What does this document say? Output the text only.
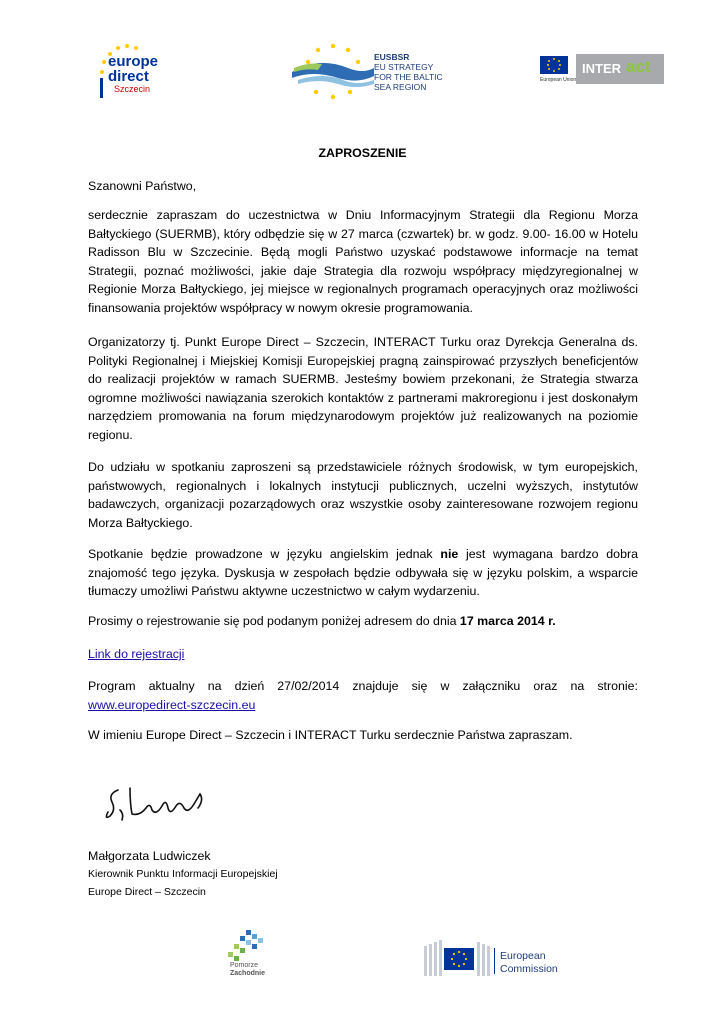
europe
direct
Szczecin
EUSBSR
EU STRATEGY
FOR THE BALTIC
SEA REGION
European Union
INTER act
ZAPROSZENIE
Szanowni Państwo,
serdecznie zapraszam do uczestnictwa w Dniu Informacyjnym Strategii dla Regionu Morza Bałtyckiego (SUERMB), który odbędzie się w 27 marca (czwartek) br. w godz. 9.00- 16.00 w Hotelu Radisson Blu w Szczecinie. Będą mogli Państwo uzyskać podstawowe informacje na temat Strategii, poznać możliwości, jakie daje Strategia dla rozwoju współpracy międzyregionalnej w Regionie Morza Bałtyckiego, jej miejsce w regionalnych programach operacyjnych oraz możliwości finansowania projektów współpracy w nowym okresie programowania.
Organizatorzy tj. Punkt Europe Direct – Szczecin, INTERACT Turku oraz Dyrekcja Generalna ds. Polityki Regionalnej i Miejskiej Komisji Europejskiej pragną zainspirować przyszłych beneficjentów do realizacji projektów w ramach SUERMB. Jesteśmy bowiem przekonani, że Strategia stwarza ogromne możliwości nawiązania szerokich kontaktów z partnerami makroregionu i jest doskonałym narzędziem promowania na forum międzynarodowym projektów już realizowanych na poziomie regionu.
Do udziału w spotkaniu zaproszeni są przedstawiciele różnych środowisk, w tym europejskich, państwowych, regionalnych i lokalnych instytucji publicznych, uczelni wyższych, instytutów badawczych, organizacji pozarządowych oraz wszystkie osoby zainteresowane rozwojem regionu Morza Bałtyckiego.
Spotkanie będzie prowadzone w języku angielskim jednak nie jest wymagana bardzo dobra znajomość tego języka. Dyskusja w zespołach będzie odbywała się w języku polskim, a wsparcie tłumaczy umożliwi Państwu aktywne uczestnictwo w całym wydarzeniu.
Prosimy o rejestrowanie się pod podanym poniżej adresem do dnia 17 marca 2014 r.
Link do rejestracji
Program aktualny na dzień 27/02/2014 znajduje się w załączniku oraz na stronie: www.europedirect-szczecin.eu
W imieniu Europe Direct – Szczecin i INTERACT Turku serdecznie Państwa zapraszam.
Małgorzata Ludwiczek
Kierownik Punktu Informacji Europejskiej
Europe Direct – Szczecin
Pomorze
Zachodnie
European
Commission
